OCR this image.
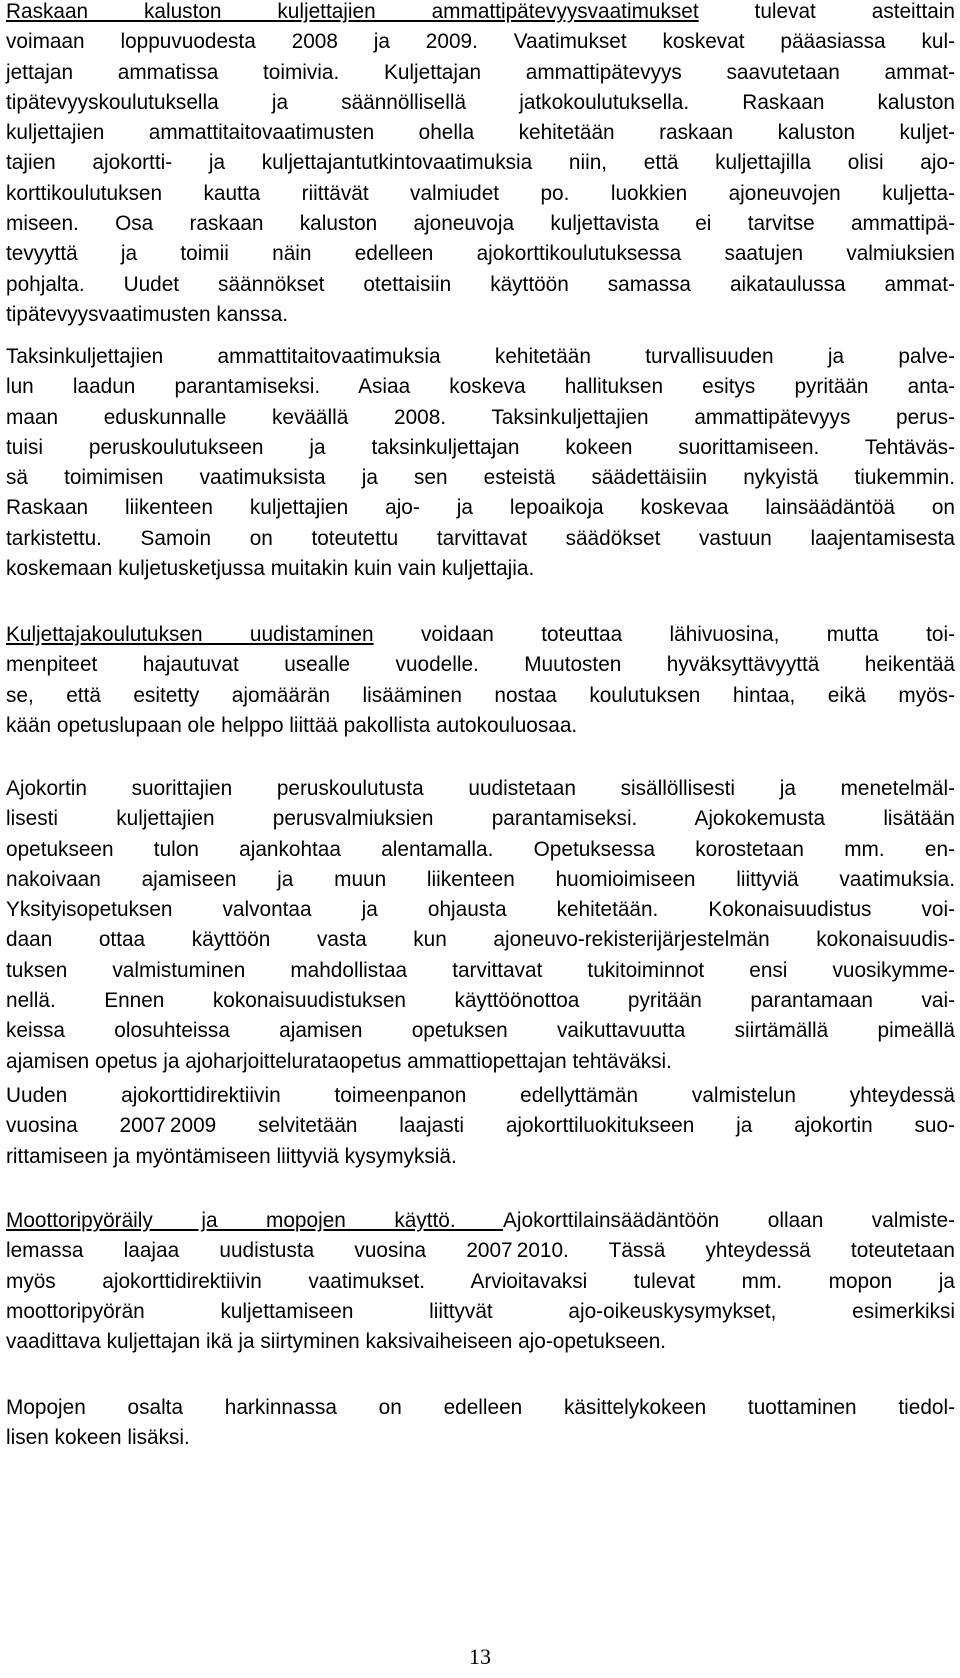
Raskaan kaluston kuljettajien ammattipätevyysvaatimukset tulevat asteittain
voimaan loppuvuodesta 2008 ja 2009. Vaatimukset koskevat pääasiassa kul-
jettajan ammatissa toimivia. Kuljettajan ammattipätevyys saavutetaan ammat-
tipätevyyskoulutuksella ja säännöllisellä jatkokoulutuksella. Raskaan kaluston
kuljettajien ammattitaitovaatimusten ohella kehitetään raskaan kaluston kuljet-
tajien ajokortti- ja kuljettajantutkintovaatimuksia niin, että kuljettajilla olisi ajo-
korttikoulutuksen kautta riittävät valmiudet po. luokkien ajoneuvojen kuljetta-
miseen. Osa raskaan kaluston ajoneuvoja kuljettavista ei tarvitse ammattipä-
tevyyttä ja toimii näin edelleen ajokorttikoulutuksessa saatujen valmiuksien
pohjalta. Uudet säännökset otettaisiin käyttöön samassa aikataulussa ammat-
tipätevyysvaatimusten kanssa.

Taksinkuljettajien ammattitaitovaatimuksia kehitetään turvallisuuden ja palve-
lun laadun parantamiseksi. Asiaa koskeva hallituksen esitys pyritään anta-
maan eduskunnalle keväällä 2008. Taksinkuljettajien ammattipätevyys perus-
tuisi peruskoulutukseen ja taksinkuljettajan kokeen suorittamiseen. Tehtäväs-
sä toimimisen vaatimuksista ja sen esteistä säädettäisiin nykyistä tiukemmin.
Raskaan liikenteen kuljettajien ajo- ja lepoaikoja koskevaa lainsäädäntöä on
tarkistettu. Samoin on toteutettu tarvittavat säädökset vastuun laajentamisesta
koskemaan kuljetusketjussa muitakin kuin vain kuljettajia.

Kuljettajakoulutuksen uudistaminen voidaan toteuttaa lähivuosina, mutta toi-
menpiteet hajautuvat usealle vuodelle. Muutosten hyväksyttävyyttä heikentää
se, että esitetty ajomäärän lisääminen nostaa koulutuksen hintaa, eikä myös-
kään opetuslupaan ole helppo liittää pakollista autokouluosaa.

Ajokortin suorittajien peruskoulutusta uudistetaan sisällöllisesti ja menetelmäl-
lisesti kuljettajien perusvalmiuksien parantamiseksi. Ajokokemusta lisätään
opetukseen tulon ajankohtaa alentamalla. Opetuksessa korostetaan mm. en-
nakoivaan ajamiseen ja muun liikenteen huomioimiseen liittyviä vaatimuksia.
Yksityisopetuksen valvontaa ja ohjausta kehitetään. Kokonaisuudistus voi-
daan ottaa käyttöön vasta kun ajoneuvo-rekisterijärjestelmän kokonaisuudis-
tuksen valmistuminen mahdollistaa tarvittavat tukitoiminnot ensi vuosikymme-
nellä. Ennen kokonaisuudistuksen käyttöönottoa pyritään parantamaan vai-
keissa olosuhteissa ajamisen opetuksen vaikuttavuutta siirtämällä pimeällä
ajamisen opetus ja ajoharjoittelurataopetus ammattiopettajan tehtäväksi.

Uuden ajokorttidirektiivin toimeenpanon edellyttämän valmistelun yhteydessä
vuosina 2007 2009 selvitetään laajasti ajokorttiluokitukseen ja ajokortin suo-
rittamiseen ja myöntämiseen liittyviä kysymyksiä.

Moottoripyöräily ja mopojen käyttö. Ajokorttilainsäädäntöön ollaan valmiste-
lemassa laajaa uudistusta vuosina 2007 2010. Tässä yhteydessä toteutetaan
myös ajokorttidirektiivin vaatimukset. Arvioitavaksi tulevat mm. mopon ja
moottoripyörän kuljettamiseen liittyvät ajo-oikeuskysymykset, esimerkiksi
vaadittava kuljettajan ikä ja siirtyminen kaksivaiheiseen ajo-opetukseen.

Mopojen osalta harkinnassa on edelleen käsittelykokeen tuottaminen tiedol-
lisen kokeen lisäksi.

13
